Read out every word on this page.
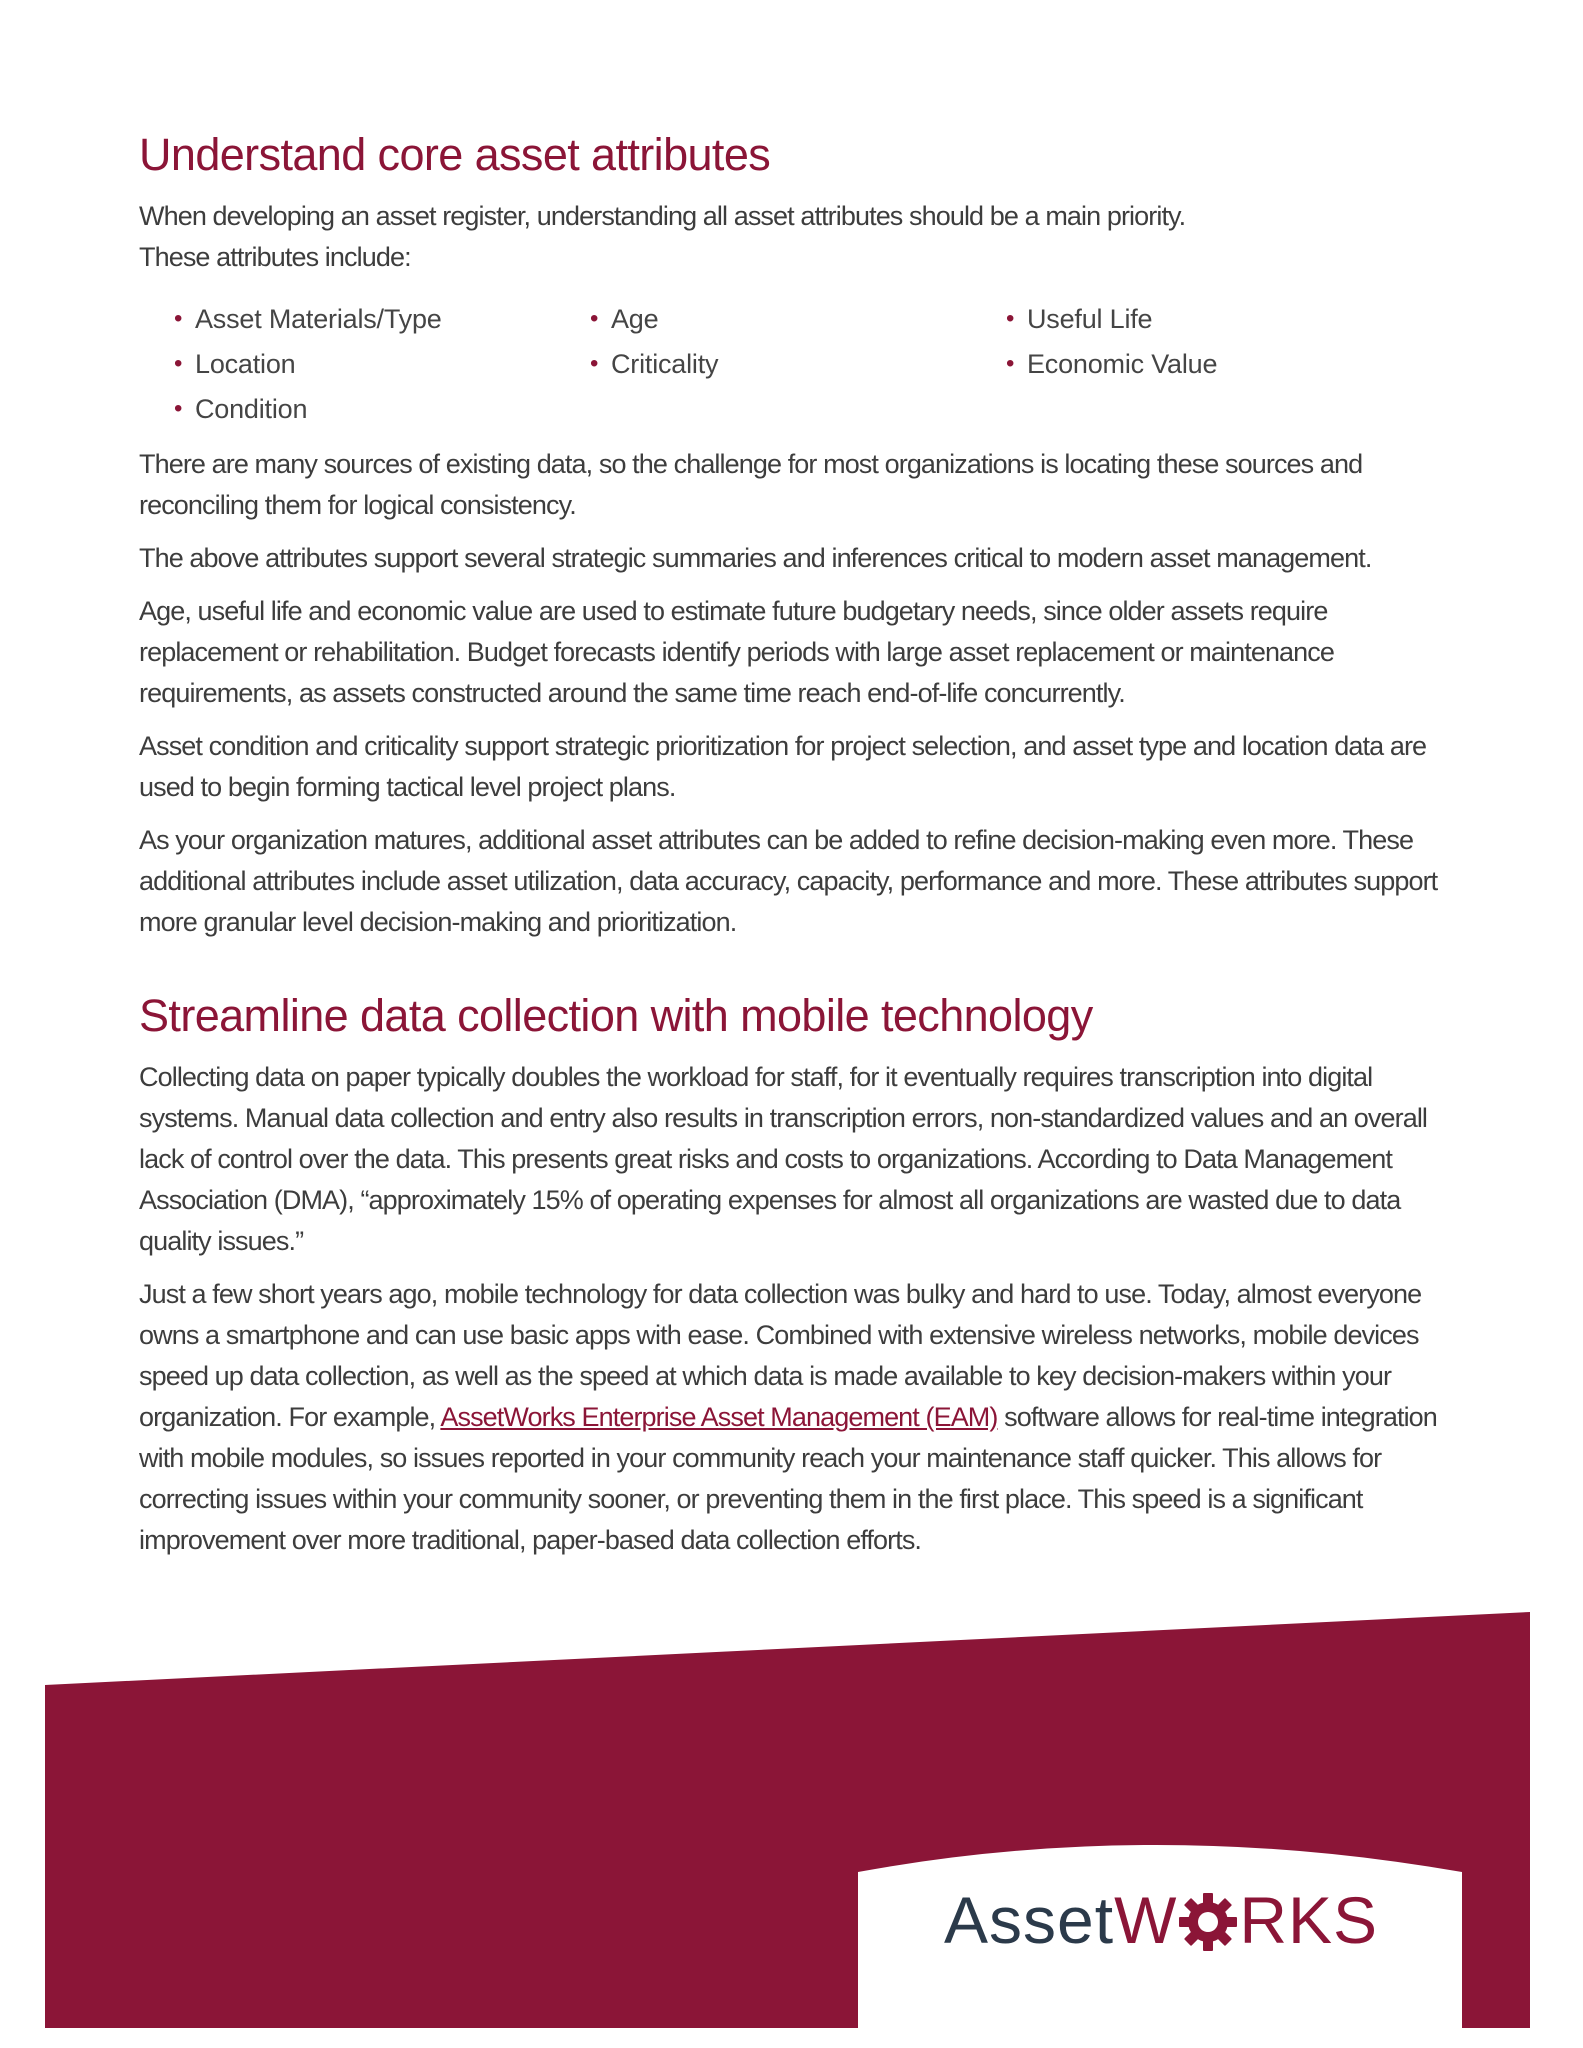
Understand core asset attributes

When developing an asset register, understanding all asset attributes should be a main priority.
These attributes include:

• Asset Materials/Type	• Age	• Useful Life
• Location	• Criticality	• Economic Value
• Condition

There are many sources of existing data, so the challenge for most organizations is locating these sources and reconciling them for logical consistency.

The above attributes support several strategic summaries and inferences critical to modern asset management.

Age, useful life and economic value are used to estimate future budgetary needs, since older assets require replacement or rehabilitation. Budget forecasts identify periods with large asset replacement or maintenance requirements, as assets constructed around the same time reach end-of-life concurrently.

Asset condition and criticality support strategic prioritization for project selection, and asset type and location data are used to begin forming tactical level project plans.

As your organization matures, additional asset attributes can be added to refine decision-making even more. These additional attributes include asset utilization, data accuracy, capacity, performance and more. These attributes support more granular level decision-making and prioritization.

Streamline data collection with mobile technology

Collecting data on paper typically doubles the workload for staff, for it eventually requires transcription into digital systems. Manual data collection and entry also results in transcription errors, non-standardized values and an overall lack of control over the data. This presents great risks and costs to organizations. According to Data Management Association (DMA), “approximately 15% of operating expenses for almost all organizations are wasted due to data quality issues.”

Just a few short years ago, mobile technology for data collection was bulky and hard to use. Today, almost everyone owns a smartphone and can use basic apps with ease. Combined with extensive wireless networks, mobile devices speed up data collection, as well as the speed at which data is made available to key decision-makers within your organization. For example, AssetWorks Enterprise Asset Management (EAM) software allows for real-time integration with mobile modules, so issues reported in your community reach your maintenance staff quicker. This allows for correcting issues within your community sooner, or preventing them in the first place. This speed is a significant improvement over more traditional, paper-based data collection efforts.

AssetW RKS
